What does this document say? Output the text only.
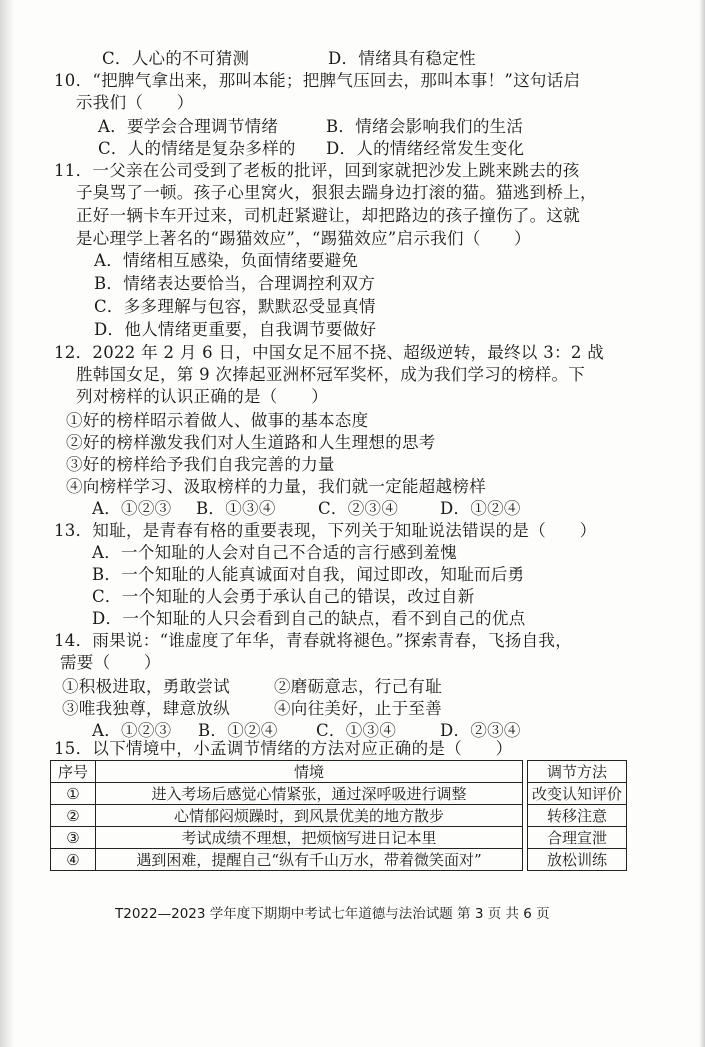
C．人心的不可猜测	D．情绪具有稳定性
10．“把脾气拿出来，那叫本能；把脾气压回去，那叫本事！”这句话启
示我们（　　）
A．要学会合理调节情绪	B．情绪会影响我们的生活
C．人的情绪是复杂多样的 D．人的情绪经常发生变化
11．一父亲在公司受到了老板的批评，回到家就把沙发上跳来跳去的孩
子臭骂了一顿。孩子心里窝火，狠狠去踹身边打滚的猫。猫逃到桥上，
正好一辆卡车开过来，司机赶紧避让，却把路边的孩子撞伤了。这就
是心理学上著名的“踢猫效应”，“踢猫效应”启示我们（　　）
A．情绪相互感染，负面情绪要避免
B．情绪表达要恰当，合理调控利双方
C．多多理解与包容，默默忍受显真情
D．他人情绪更重要，自我调节要做好
12．2022 年 2 月 6 日，中国女足不屈不挠、超级逆转，最终以 3：2 战
胜韩国女足，第 9 次捧起亚洲杯冠军奖杯，成为我们学习的榜样。下
列对榜样的认识正确的是（　　）
①好的榜样昭示着做人、做事的基本态度
②好的榜样激发我们对人生道路和人生理想的思考
③好的榜样给予我们自我完善的力量
④向榜样学习、汲取榜样的力量，我们就一定能超越榜样
A．①②③ B．①③④	C．②③④	D．①②④
13．知耻，是青春有格的重要表现，下列关于知耻说法错误的是（　　）
A．一个知耻的人会对自己不合适的言行感到羞愧
B．一个知耻的人能真诚面对自我，闻过即改，知耻而后勇
C．一个知耻的人会勇于承认自己的错误，改过自新
D．一个知耻的人只会看到自己的缺点，看不到自己的优点
14．雨果说：“谁虚度了年华，青春就将褪色。”探索青春，飞扬自我，
需要（　　）
①积极进取，勇敢尝试	②磨砺意志，行己有耻
③唯我独尊，肆意放纵	④向往美好，止于至善
A．①②③ B．①②④ C．①③④	D．②③④
15．以下情境中，小孟调节情绪的方法对应正确的是（　　）
序号	情境		调节方法
①	进入考场后感觉心情紧张，通过深呼吸进行调整		改变认知评价
②	心情郁闷烦躁时，到风景优美的地方散步		转移注意
③	考试成绩不理想，把烦恼写进日记本里		合理宣泄
④	遇到困难，提醒自己“纵有千山万水，带着微笑面对”		放松训练
T2022—2023 学年度下期期中考试七年道德与法治试题 第 3 页 共 6 页
